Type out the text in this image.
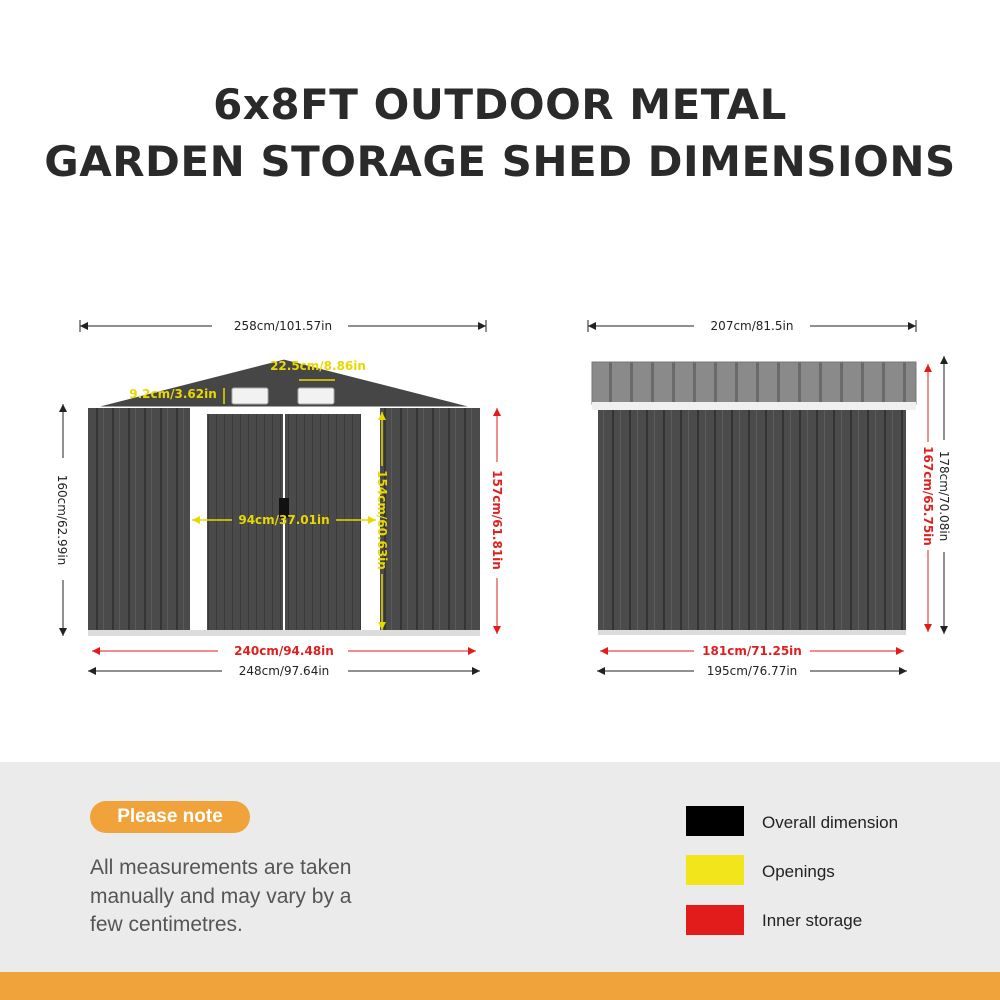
6x8FT OUTDOOR METAL
GARDEN STORAGE SHED DIMENSIONS
258cm/101.57in
160cm/62.99in
248cm/97.64in
240cm/94.48in
157cm/61.81in
22.5cm/8.86in
9.2cm/3.62in
94cm/37.01in	154cm/60.63in
207cm/81.5in
178cm/70.08in
167cm/65.75in
181cm/71.25in
195cm/76.77in
Please note
All measurements are taken
manually and may vary by a
few centimetres.
Overall dimension
Openings
Inner storage
